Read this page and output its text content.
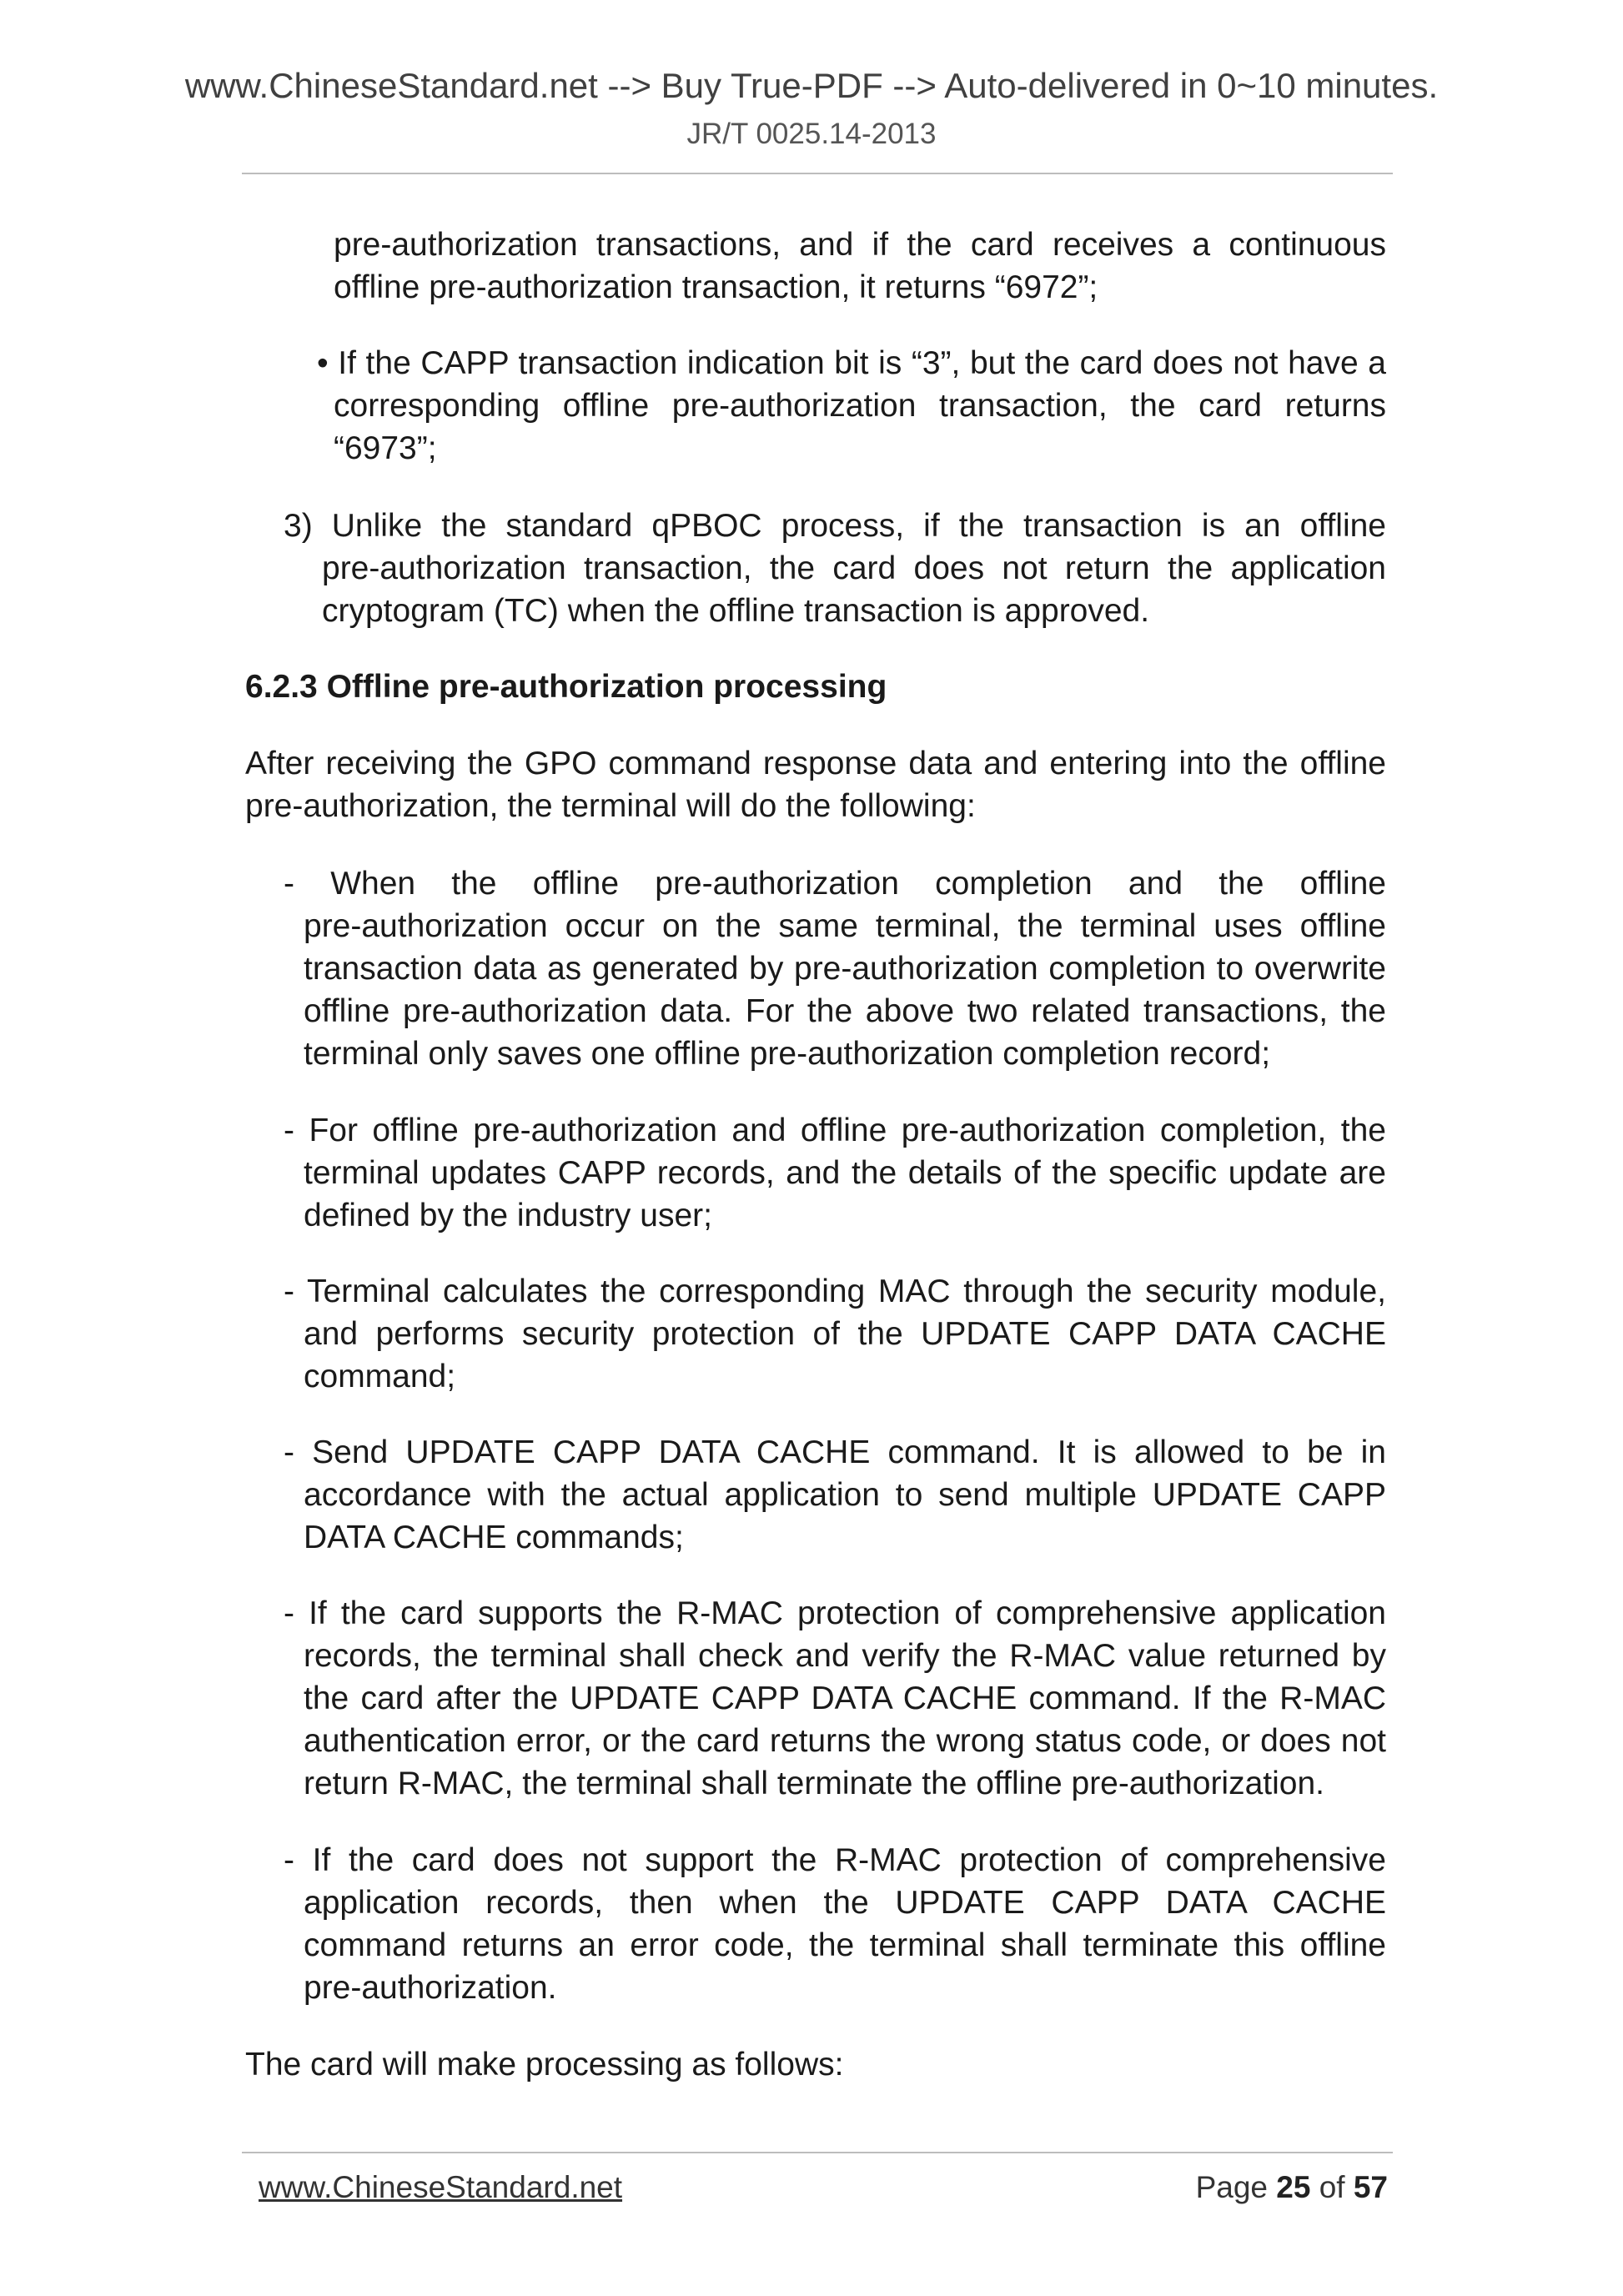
www.ChineseStandard.net --> Buy True-PDF --> Auto-delivered in 0~10 minutes.
JR/T 0025.14-2013

pre-authorization transactions, and if the card receives a continuous

offline pre-authorization transaction, it returns “6972”;

• If the CAPP transaction indication bit is “3”, but the card does not have a

corresponding offline pre-authorization transaction, the card returns “6973”;

3) Unlike the standard qPBOC process, if the transaction is an offline

pre-authorization transaction, the card does not return the application cryptogram (TC) when the offline transaction is approved.

6.2.3 Offline pre-authorization processing

After receiving the GPO command response data and entering into the offline pre-authorization, the terminal will do the following:

- When the offline pre-authorization completion and the offline

pre-authorization occur on the same terminal, the terminal uses offline transaction data as generated by pre-authorization completion to overwrite offline pre-authorization data. For the above two related transactions, the terminal only saves one offline pre-authorization completion record;

- For offline pre-authorization and offline pre-authorization completion, the

terminal updates CAPP records, and the details of the specific update are defined by the industry user;

- Terminal calculates the corresponding MAC through the security module,

and performs security protection of the UPDATE CAPP DATA CACHE command;

- Send UPDATE CAPP DATA CACHE command. It is allowed to be in

accordance with the actual application to send multiple UPDATE CAPP DATA CACHE commands;

- If the card supports the R-MAC protection of comprehensive application

records, the terminal shall check and verify the R-MAC value returned by the card after the UPDATE CAPP DATA CACHE command. If the R-MAC authentication error, or the card returns the wrong status code, or does not return R-MAC, the terminal shall terminate the offline pre-authorization.

- If the card does not support the R-MAC protection of comprehensive

application records, then when the UPDATE CAPP DATA CACHE command returns an error code, the terminal shall terminate this offline pre-authorization.

The card will make processing as follows:

www.ChineseStandard.net	Page 25 of 57
